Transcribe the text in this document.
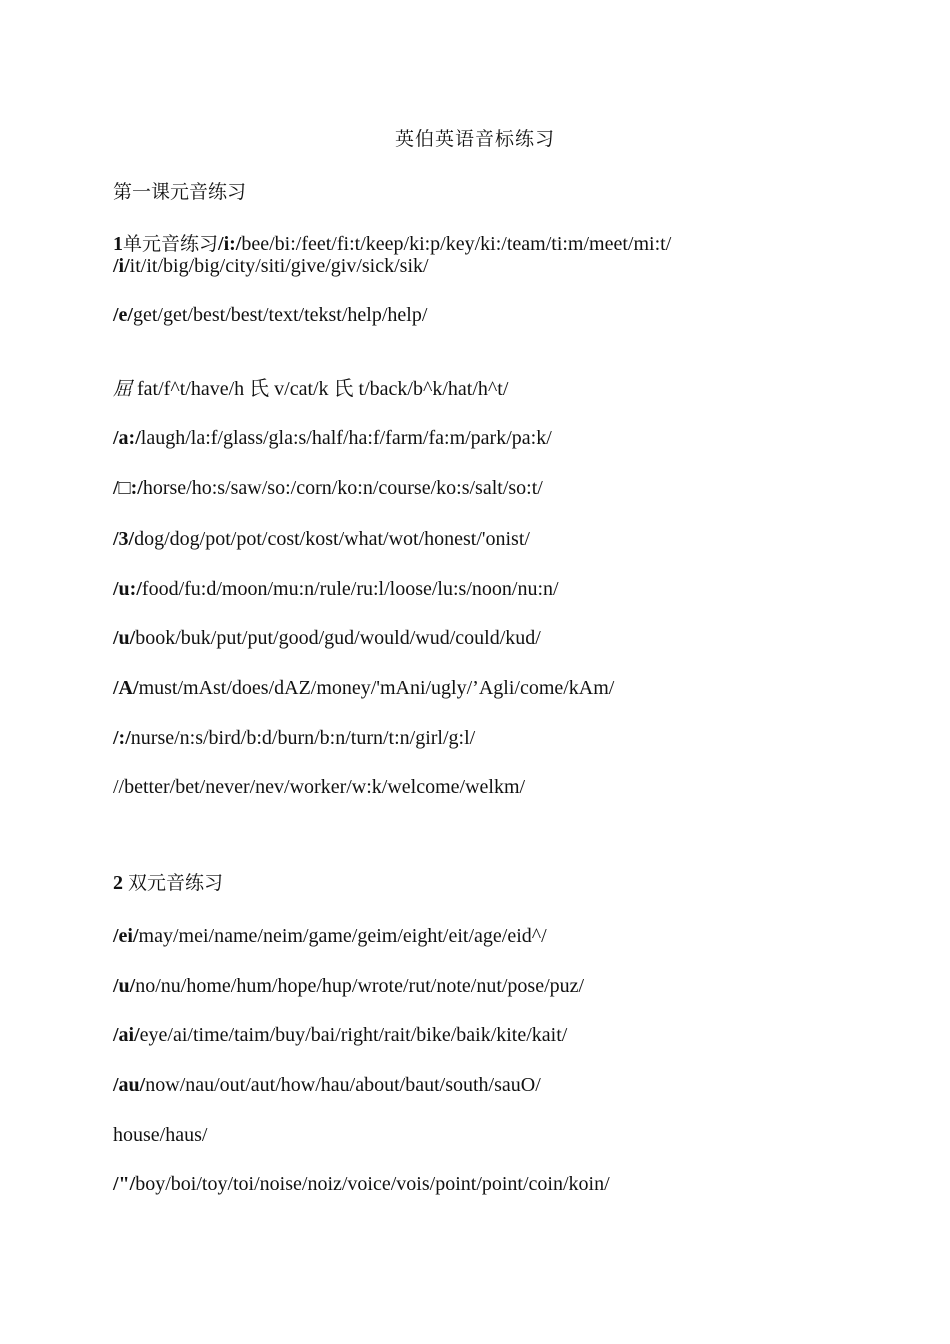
英伯英语音标练习
第一课元音练习
1单元音练习/i:/bee/bi:/feet/fi:t/keep/ki:p/key/ki:/team/ti:m/meet/mi:t/
/i/it/it/big/big/city/siti/give/giv/sick/sik/
/e/get/get/best/best/text/tekst/help/help/
屈 fat/f^t/have/h 氏 v/cat/k 氏 t/back/b^k/hat/h^t/
/a:/laugh/la:f/glass/gla:s/half/ha:f/farm/fa:m/park/pa:k/
/□:/horse/ho:s/saw/so:/corn/ko:n/course/ko:s/salt/so:t/
/3/dog/dog/pot/pot/cost/kost/what/wot/honest/'onist/
/u:/food/fu:d/moon/mu:n/rule/ru:l/loose/lu:s/noon/nu:n/
/u/book/buk/put/put/good/gud/would/wud/could/kud/
/A/must/mAst/does/dAZ/money/'mAni/ugly/’Agli/come/kAm/
/:/nurse/n:s/bird/b:d/burn/b:n/turn/t:n/girl/g:l/
//better/bet/never/nev/worker/w:k/welcome/welkm/
2 双元音练习
/ei/may/mei/name/neim/game/geim/eight/eit/age/eid^/
/u/no/nu/home/hum/hope/hup/wrote/rut/note/nut/pose/puz/
/ai/eye/ai/time/taim/buy/bai/right/rait/bike/baik/kite/kait/
/au/now/nau/out/aut/how/hau/about/baut/south/sauO/
house/haus/
/"/boy/boi/toy/toi/noise/noiz/voice/vois/point/point/coin/koin/
